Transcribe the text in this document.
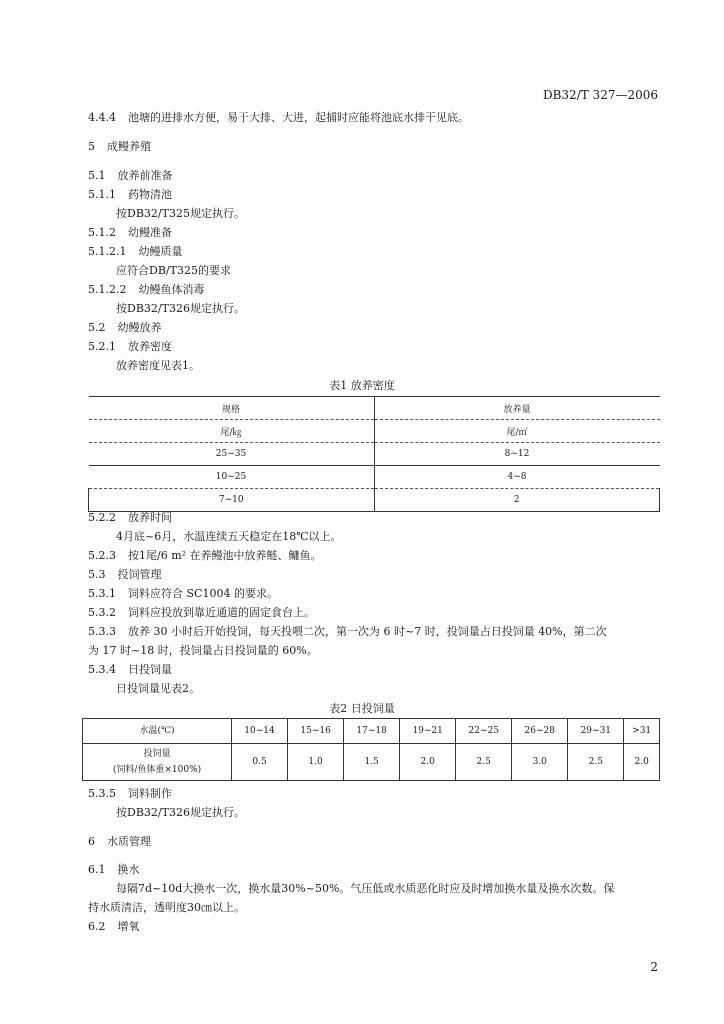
DB32/T 327—2006
4.4.4 池塘的进排水方便，易于大排、大进，起捕时应能将池底水排干见底。
5 成鳗养殖
5.1 放养前准备
5.1.1 药物清池
按DB32/T325规定执行。
5.1.2 幼鳗准备
5.1.2.1 幼鳗质量
应符合DB/T325的要求
5.1.2.2 幼鳗鱼体消毒
按DB32/T326规定执行。
5.2 幼鳗放养
5.2.1 放养密度
放养密度见表1。
表1 放养密度
规格	放养量
尾/㎏	尾/㎡
25~35	8~12
10~25	4~8
7~10	2
5.2.2 放养时间
4月底~6月，水温连续五天稳定在18℃以上。
5.2.3 按1尾/6 m² 在养鳗池中放养鲢、鳙鱼。
5.3 投饲管理
5.3.1 饲料应符合 SC1004 的要求。
5.3.2 饲料应投放到靠近通道的固定食台上。
5.3.3 放养 30 小时后开始投饲，每天投喂二次，第一次为 6 时~7 时，投饲量占日投饲量 40%，第二次
为 17 时~18 时，投饲量占日投饲量的 60%。
5.3.4 日投饲量
日投饲量见表2。
表2 日投饲量
水温(℃)	10~14	15~16	17~18	19~21	22~25	26~28	29~31	>31

投饲量
(饲料/鱼体重×100%)	0.5	1.0	1.5	2.0	2.5	3.0	2.5	2.0
5.3.5 饲料制作
按DB32/T326规定执行。
6 水质管理
6.1 换水
每隔7d~10d大换水一次，换水量30%~50%。气压低或水质恶化时应及时增加换水量及换水次数。保
持水质清洁，透明度30㎝以上。
6.2 增氧
2
